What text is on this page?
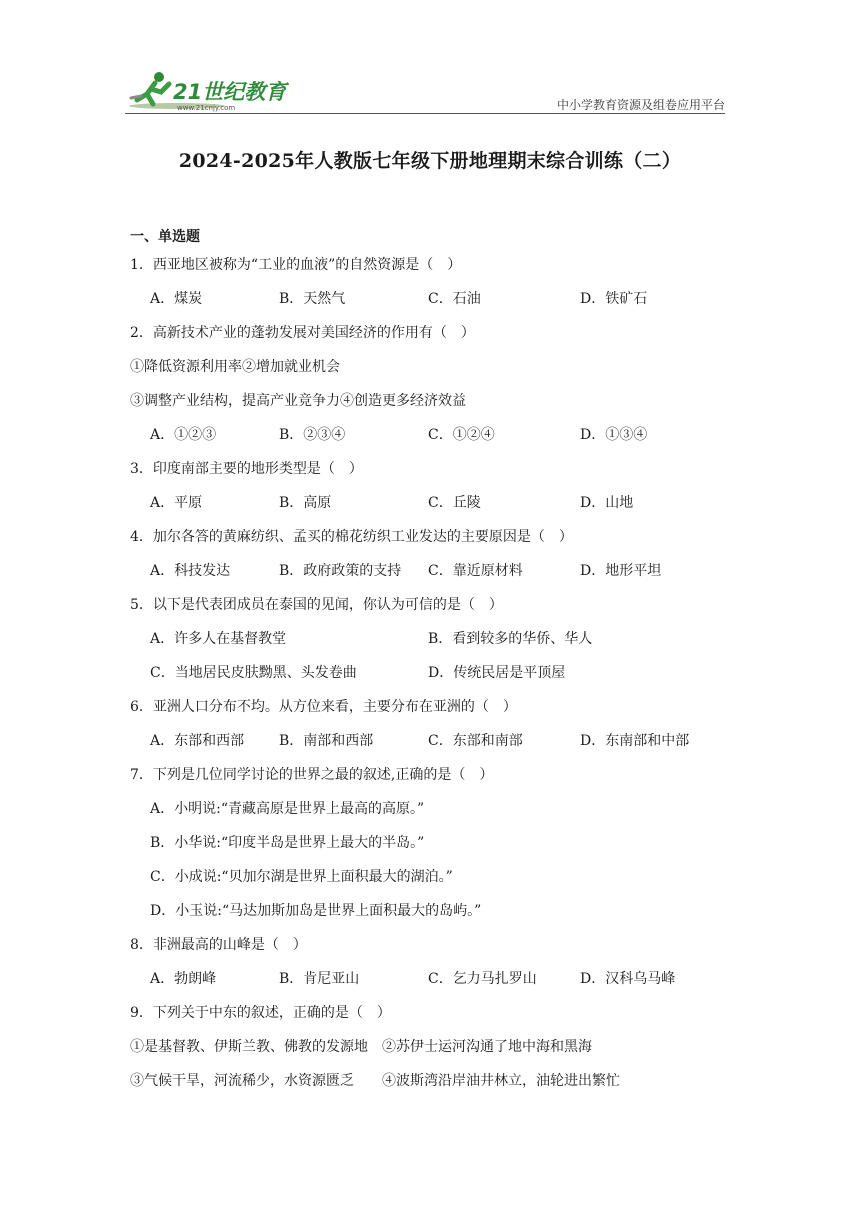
21世纪教育
www.21cnjy.com	中小学教育资源及组卷应用平台
2024-2025年人教版七年级下册地理期末综合训练（二）
一、单选题
1．西亚地区被称为“工业的血液”的自然资源是（　）
A．煤炭	B．天然气	C．石油	D．铁矿石
2．高新技术产业的蓬勃发展对美国经济的作用有（　）
①降低资源利用率②增加就业机会
③调整产业结构，提高产业竞争力④创造更多经济效益
A．①②③	B．②③④	C．①②④	D．①③④
3．印度南部主要的地形类型是（　）
A．平原	B．高原	C．丘陵	D．山地
4．加尔各答的黄麻纺织、孟买的棉花纺织工业发达的主要原因是（　）
A．科技发达	B．政府政策的支持 C．靠近原材料	D．地形平坦
5．以下是代表团成员在泰国的见闻，你认为可信的是（　）
A．许多人在基督教堂	B．看到较多的华侨、华人
C．当地居民皮肤黝黑、头发卷曲	D．传统民居是平顶屋
6．亚洲人口分布不均。从方位来看，主要分布在亚洲的（　）
A．东部和西部 B．南部和西部	C．东部和南部	D．东南部和中部
7．下列是几位同学讨论的世界之最的叙述,正确的是（　）
A．小明说:“青藏高原是世界上最高的高原。”
B．小华说:“印度半岛是世界上最大的半岛。”
C．小成说:“贝加尔湖是世界上面积最大的湖泊。”
D．小玉说:“马达加斯加岛是世界上面积最大的岛屿。”
8．非洲最高的山峰是（　）
A．勃朗峰	B．肯尼亚山	C．乞力马扎罗山	D．汉科乌马峰
9．下列关于中东的叙述，正确的是（　）
①是基督教、伊斯兰教、佛教的发源地　②苏伊士运河沟通了地中海和黑海
③气候干旱，河流稀少，水资源匮乏　　④波斯湾沿岸油井林立，油轮进出繁忙
